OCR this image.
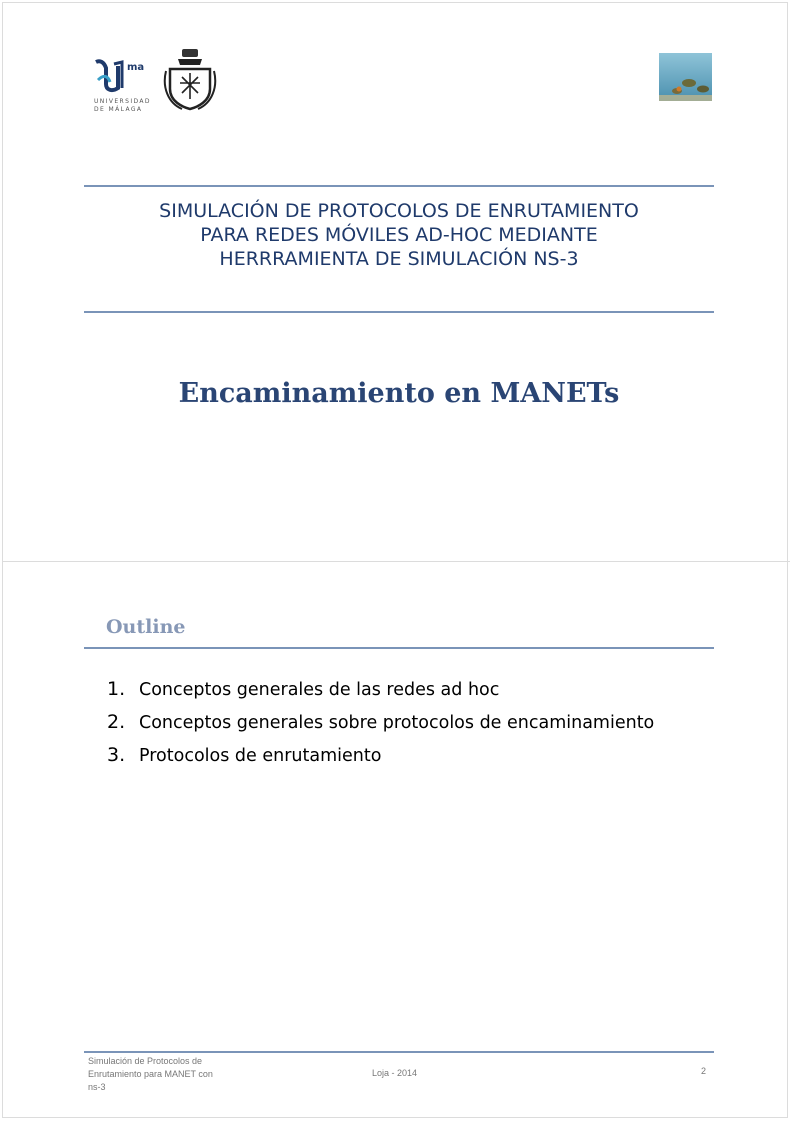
ma
UNIVERSIDAD
DE MÁLAGA
SIMULACIÓN DE PROTOCOLOS DE ENRUTAMIENTO
PARA REDES MÓVILES AD-HOC MEDIANTE
HERRRAMIENTA DE SIMULACIÓN NS-3
Encaminamiento en MANETs
Outline
1. Conceptos generales de las redes ad hoc
2. Conceptos generales sobre protocolos de encaminamiento
3. Protocolos de enrutamiento
Simulación de Protocolos de
Enrutamiento para MANET con
ns-3
Loja - 2014	2
